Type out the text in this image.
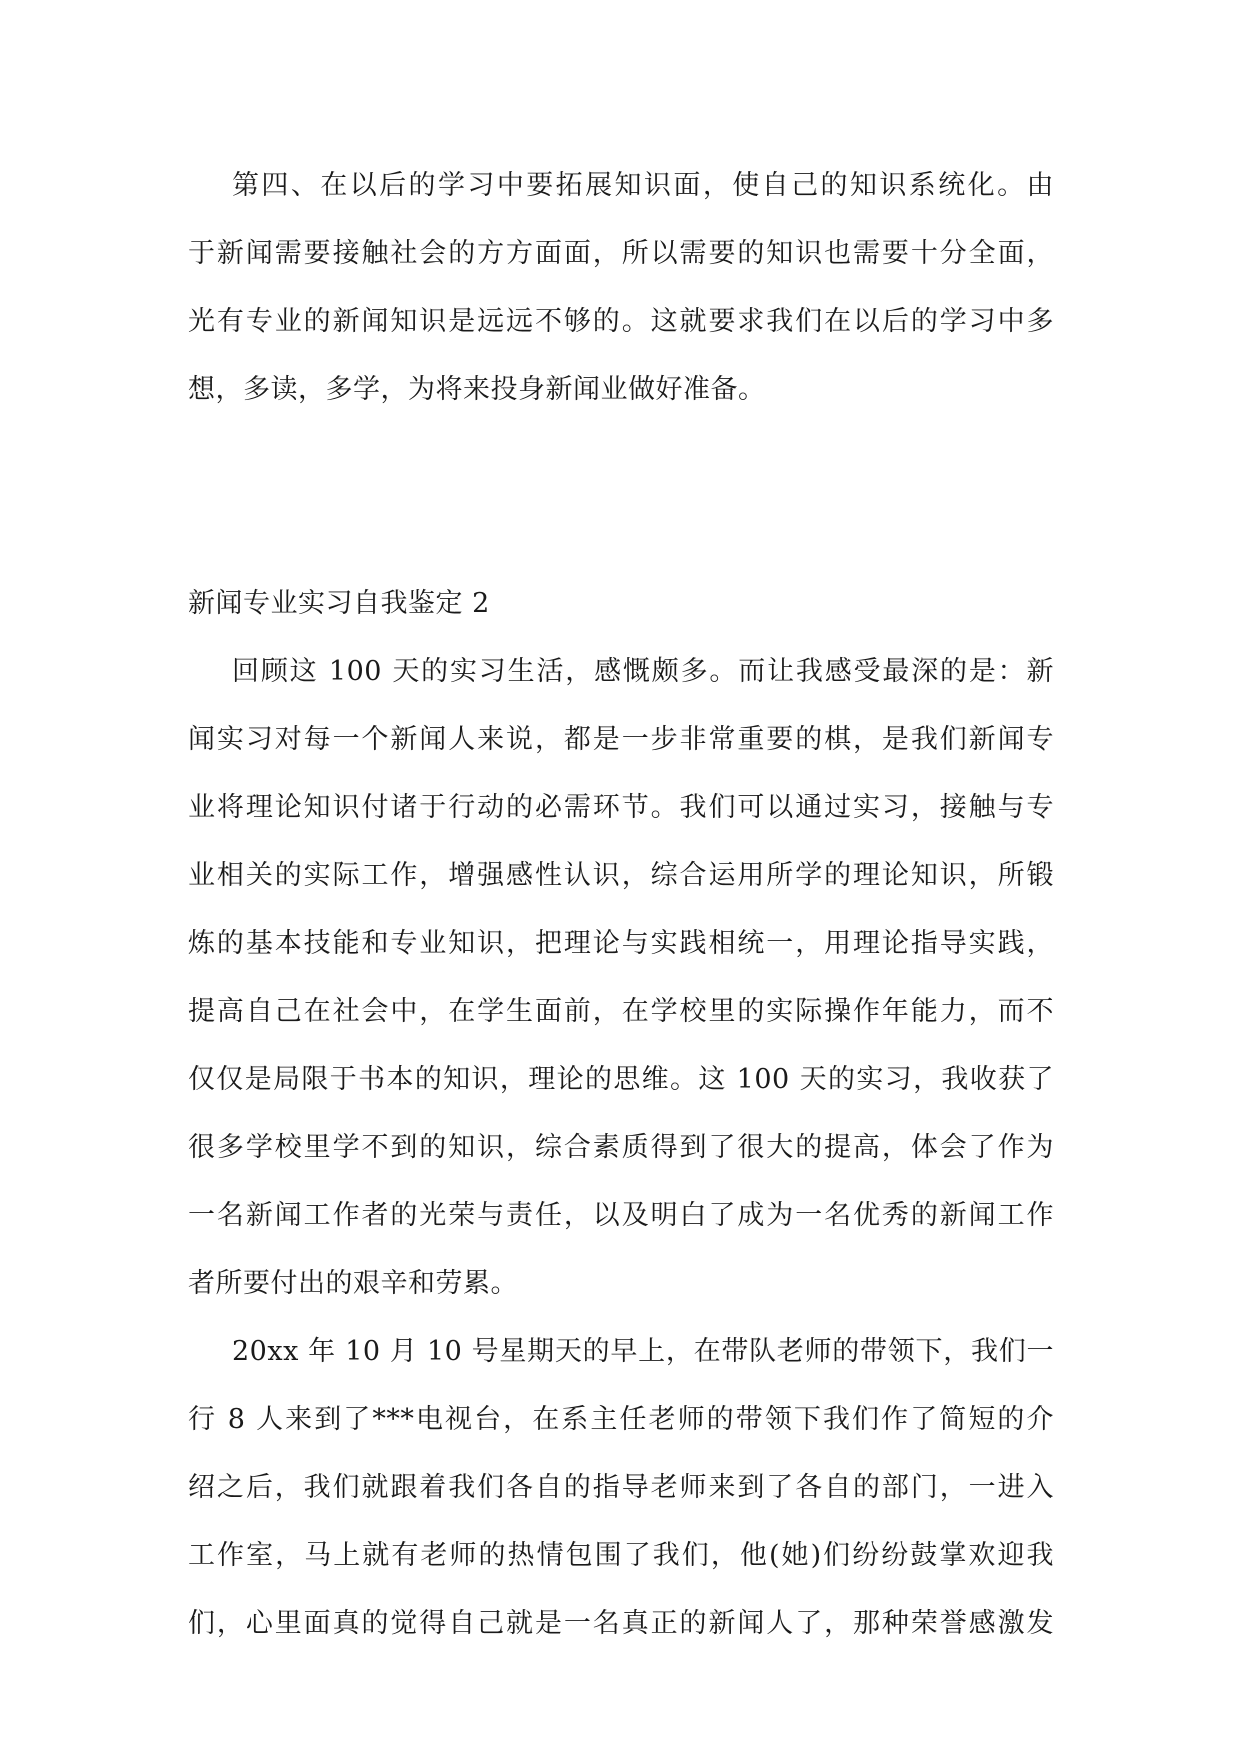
第四、在以后的学习中要拓展知识面，使自己的知识系统化。由
于新闻需要接触社会的方方面面，所以需要的知识也需要十分全面，
光有专业的新闻知识是远远不够的。这就要求我们在以后的学习中多
想，多读，多学，为将来投身新闻业做好准备。
新闻专业实习自我鉴定 2
回顾这 100 天的实习生活，感慨颇多。而让我感受最深的是：新
闻实习对每一个新闻人来说，都是一步非常重要的棋，是我们新闻专
业将理论知识付诸于行动的必需环节。我们可以通过实习，接触与专
业相关的实际工作，增强感性认识，综合运用所学的理论知识，所锻
炼的基本技能和专业知识，把理论与实践相统一，用理论指导实践，
提高自己在社会中，在学生面前，在学校里的实际操作年能力，而不
仅仅是局限于书本的知识，理论的思维。这 100 天的实习，我收获了
很多学校里学不到的知识，综合素质得到了很大的提高，体会了作为
一名新闻工作者的光荣与责任，以及明白了成为一名优秀的新闻工作
者所要付出的艰辛和劳累。
20xx 年 10 月 10 号星期天的早上，在带队老师的带领下，我们一
行 8 人来到了***电视台，在系主任老师的带领下我们作了简短的介
绍之后，我们就跟着我们各自的指导老师来到了各自的部门，一进入
工作室，马上就有老师的热情包围了我们，他(她)们纷纷鼓掌欢迎我
们，心里面真的觉得自己就是一名真正的新闻人了，那种荣誉感激发
